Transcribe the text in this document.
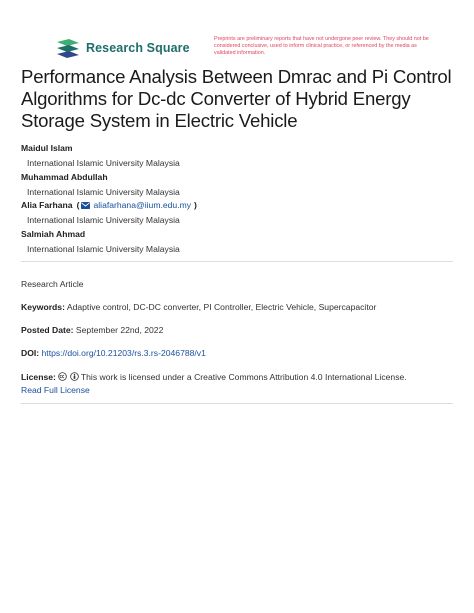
Research Square
Preprints are preliminary reports that have not undergone peer review. They should not be considered conclusive, used to inform clinical practice, or referenced by the media as validated information.
Performance Analysis Between Dmrac and Pi Control Algorithms for Dc-dc Converter of Hybrid Energy Storage System in Electric Vehicle
Maidul Islam
International Islamic University Malaysia
Muhammad Abdullah
International Islamic University Malaysia
Alia Farhana ( aliafarhana@iium.edu.my )
International Islamic University Malaysia
Salmiah Ahmad
International Islamic University Malaysia
Research Article
Keywords: Adaptive control, DC-DC converter, PI Controller, Electric Vehicle, Supercapacitor
Posted Date: September 22nd, 2022
DOI: https://doi.org/10.21203/rs.3.rs-2046788/v1
License:	This work is licensed under a Creative Commons Attribution 4.0 International License.
Read Full License
